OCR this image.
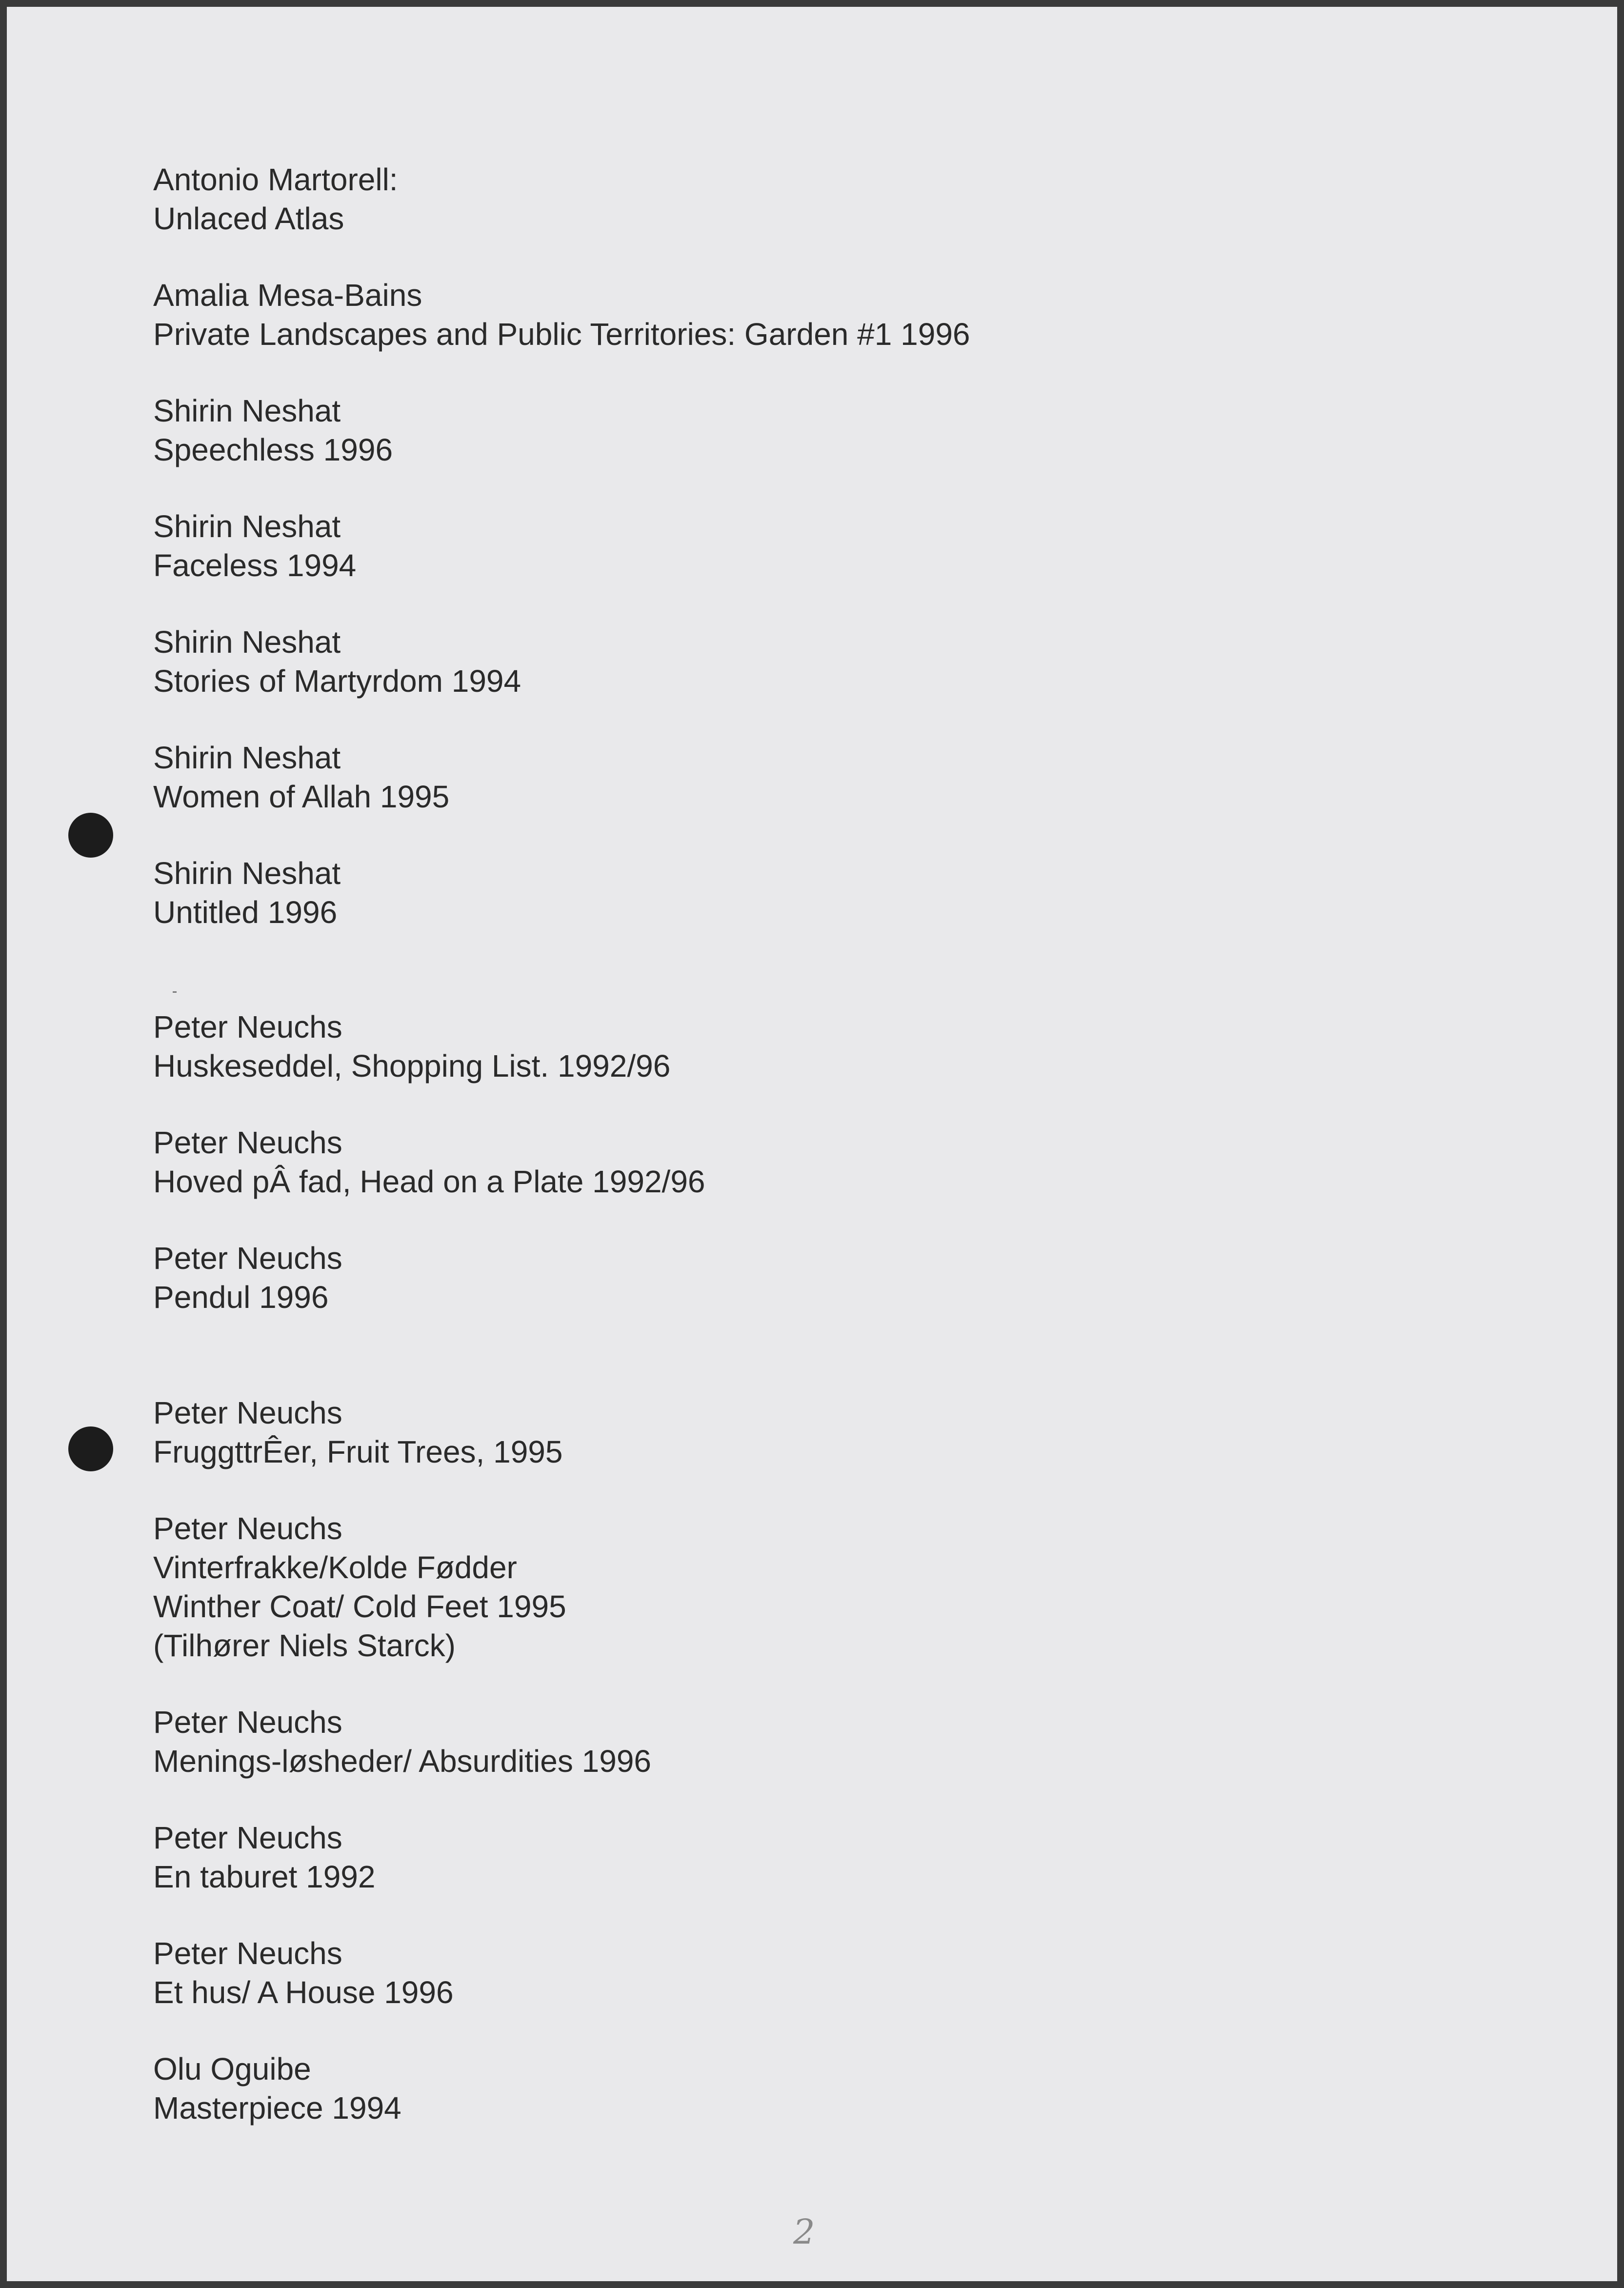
Antonio Martorell:
Unlaced Atlas
Amalia Mesa-Bains
Private Landscapes and Public Territories: Garden #1 1996
Shirin Neshat
Speechless 1996
Shirin Neshat
Faceless 1994
Shirin Neshat
Stories of Martyrdom 1994
Shirin Neshat
Women of Allah 1995
Shirin Neshat
Untitled 1996
Peter Neuchs
Huskeseddel, Shopping List. 1992/96
Peter Neuchs
Hoved pÂ fad, Head on a Plate 1992/96
Peter Neuchs
Pendul 1996
Peter Neuchs
FruggttrÊer, Fruit Trees, 1995
Peter Neuchs
Vinterfrakke/Kolde Fødder
Winther Coat/ Cold Feet 1995
(Tilhører Niels Starck)
Peter Neuchs
Menings-løsheder/ Absurdities 1996
Peter Neuchs
En taburet 1992
Peter Neuchs
Et hus/ A House 1996
Olu Oguibe
Masterpiece 1994
2
